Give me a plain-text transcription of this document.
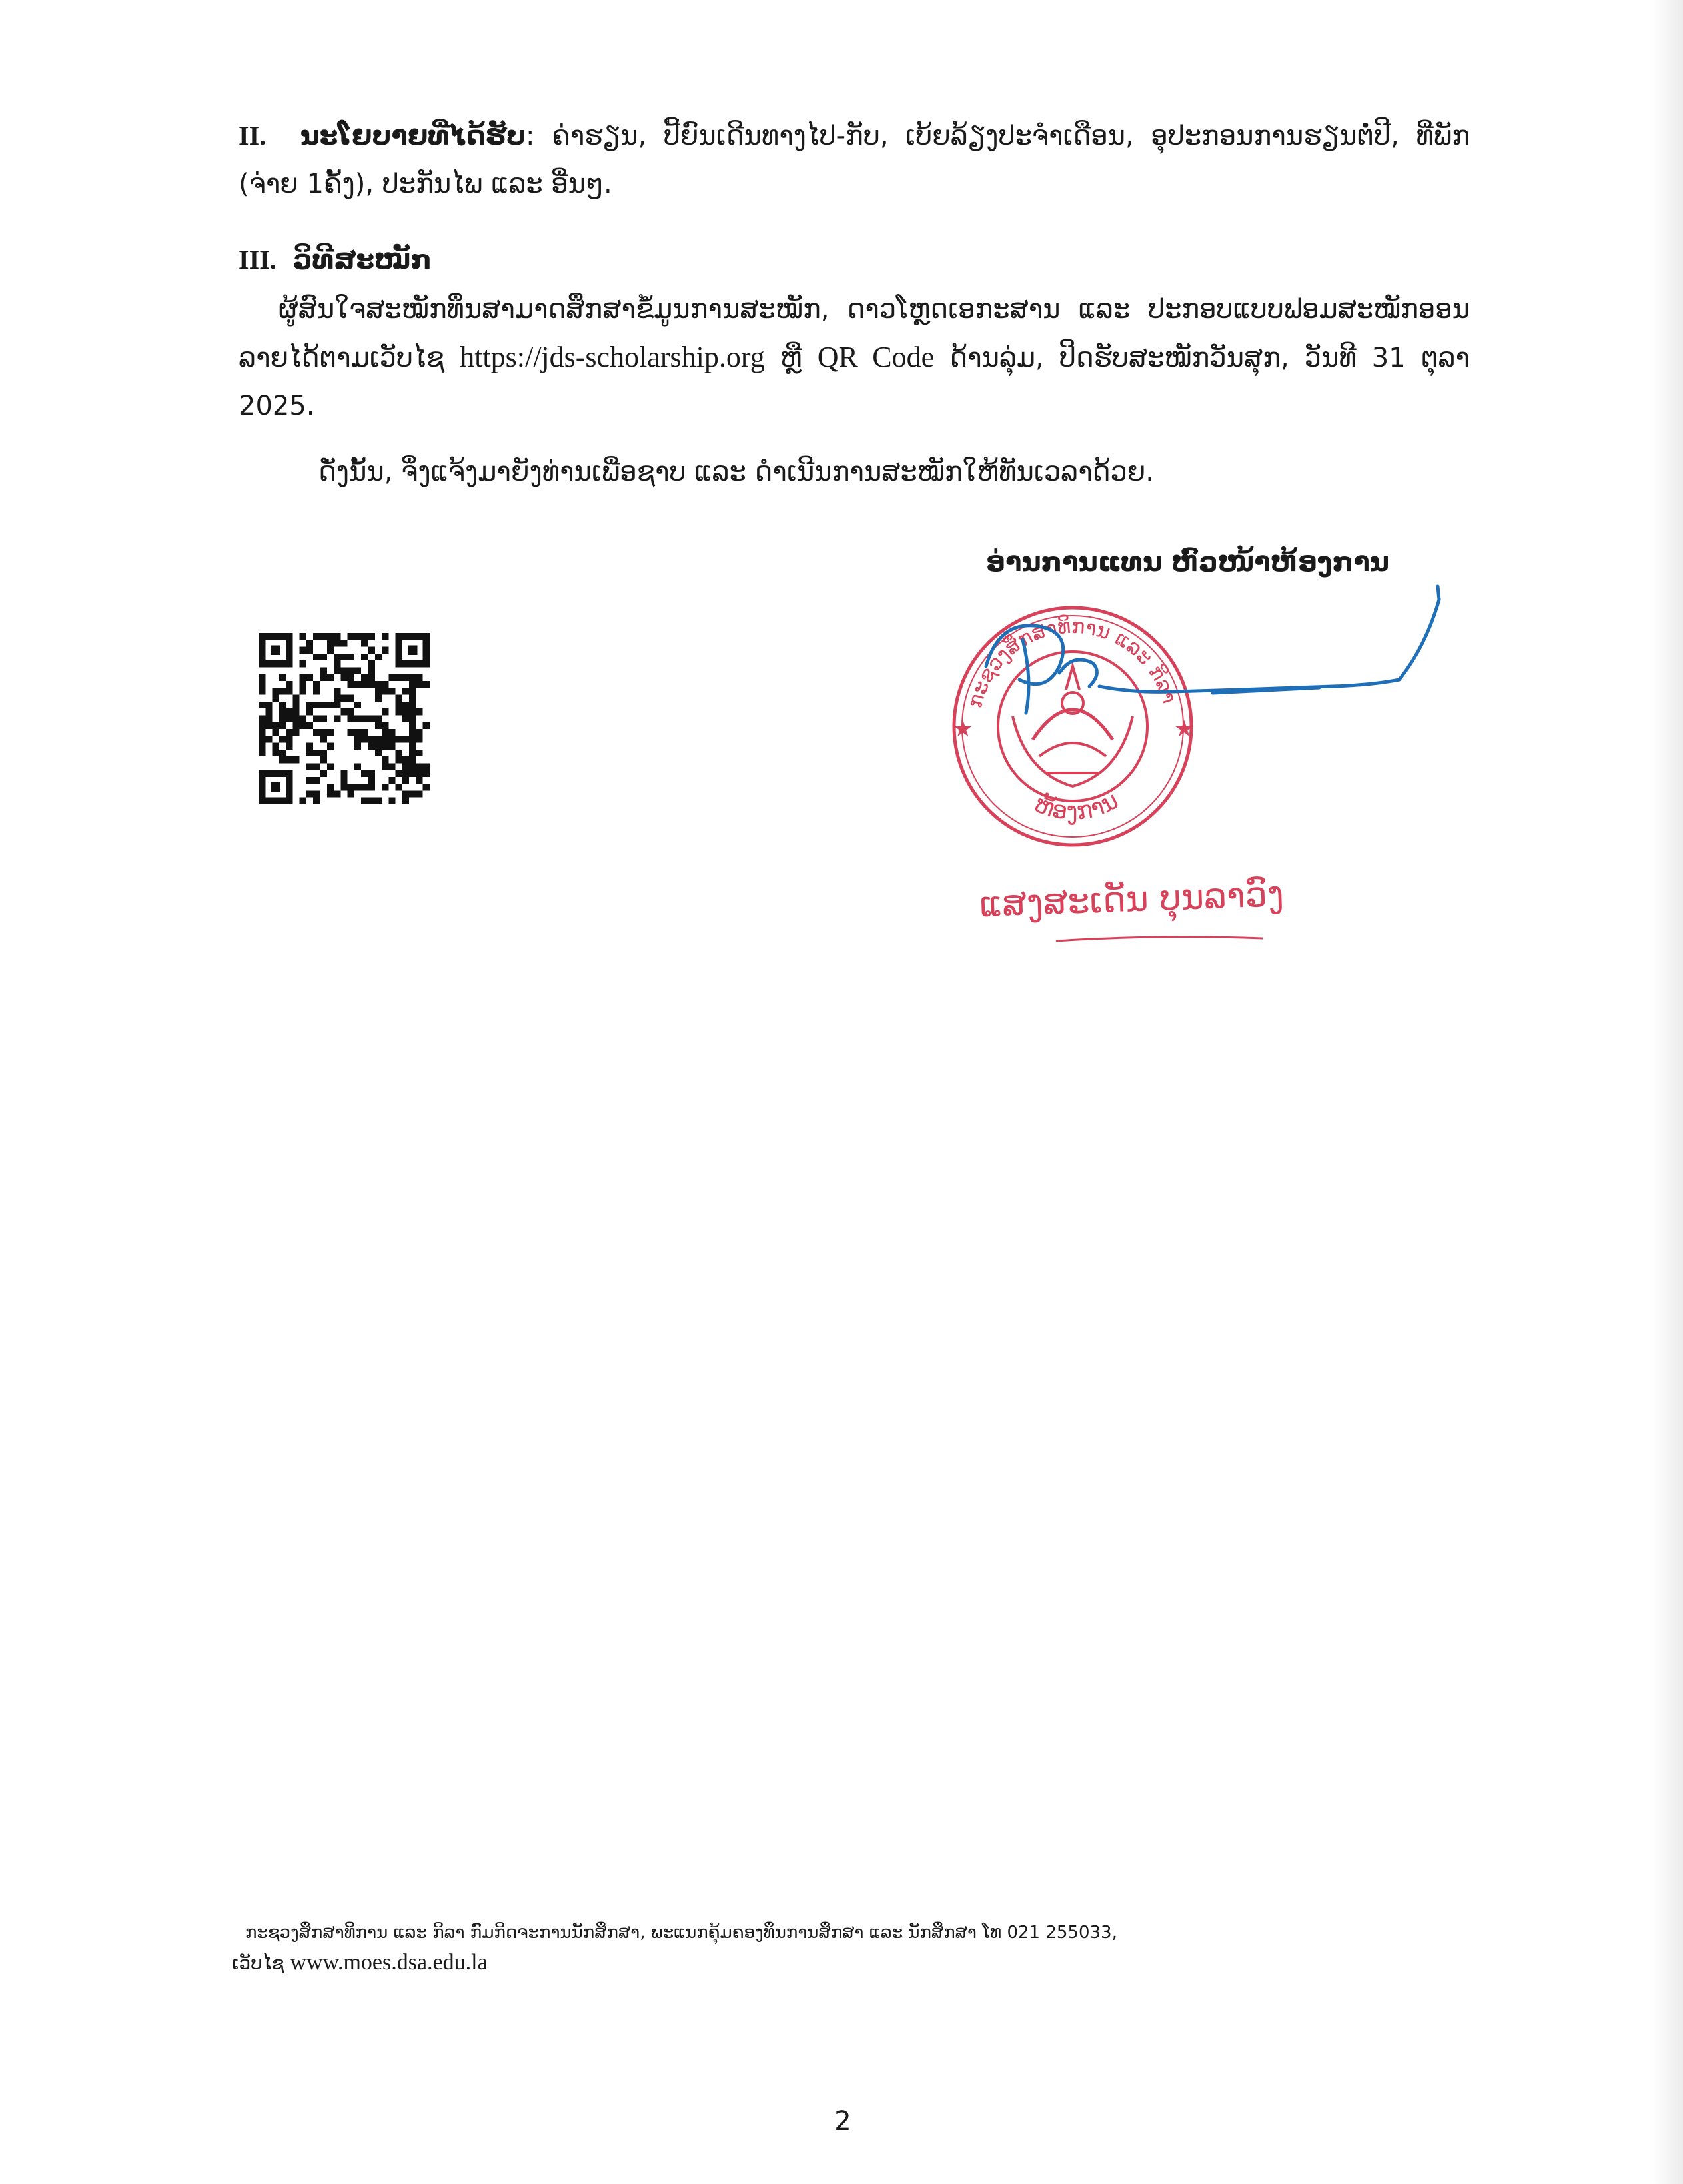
II. ນະໂຍບາຍທີ່ໄດ້ຮັບ: ຄ່າຮຽນ, ປີ້ຍົນເດີນທາງໄປ-ກັບ, ເບ້ຍລ້ຽງປະຈໍາເດືອນ, ອຸປະກອນການຮຽນຕໍ່ປີ, ທີ່ພັກ (ຈ່າຍ 1ຄັ້ງ), ປະກັນໄພ ແລະ ອື່ນໆ.
III. ວິທີສະໝັກ
ຜູ້ສົນໃຈສະໝັກທຶນສາມາດສຶກສາຂໍ້ມູນການສະໝັກ, ດາວໂຫຼດເອກະສານ ແລະ ປະກອບແບບຟອມສະໝັກອອນລາຍໄດ້ຕາມເວັບໄຊ https://jds-scholarship.org ຫຼື QR Code ດ້ານລຸ່ມ, ປິດຮັບສະໝັກວັນສຸກ, ວັນທີ 31 ຕຸລາ 2025.
ດັ່ງນັ້ນ, ຈຶ່ງແຈ້ງມາຍັງທ່ານເພື່ອຊາບ ແລະ ດໍາເນີນການສະໝັກໃຫ້ທັນເວລາດ້ວຍ.
ອ່ານການແທນ ຫົວໜ້າຫ້ອງການ
ກະຊວງສຶກສາທິການ ແລະ ກິລາ
ຫ້ອງການ
★	★
ແສງສະເດັນ ບຸນລາວົງ
ກະຊວງສຶກສາທິການ ແລະ ກິລາ ກົມກິດຈະການນັກສຶກສາ, ພະແນກຄຸ້ມຄອງທຶນການສຶກສາ ແລະ ນັກສຶກສາ ໂທ 021 255033,
ເວັບໄຊ www.moes.dsa.edu.la
2
